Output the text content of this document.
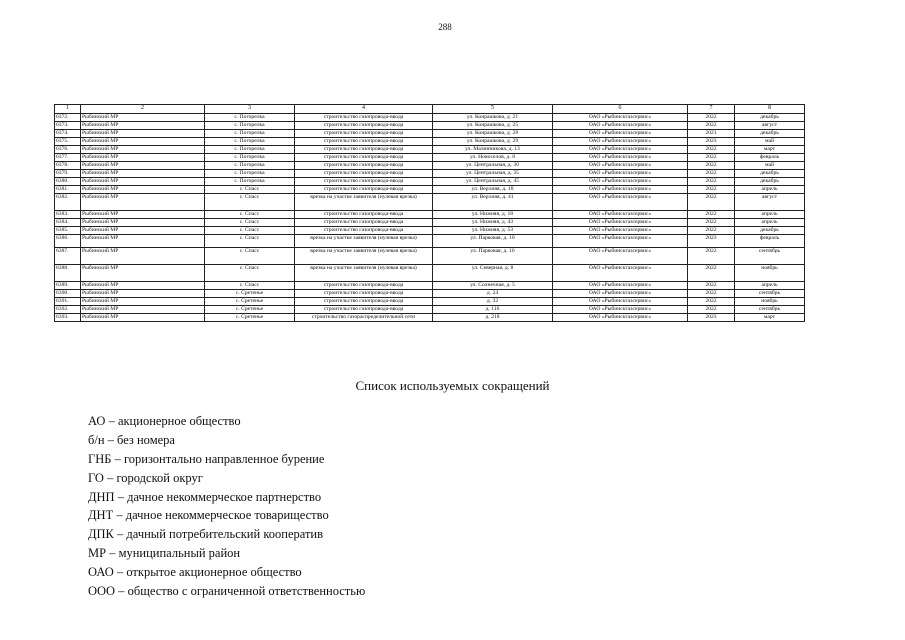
288
1	2	3	4	5	6	7	8
6372.	Рыбинский МР	с. Погорелка	строительство газопровода-ввода	ул. Конрашкова, д. 21	ОАО «Рыбинскгазсервис»	2022	декабрь
6373.	Рыбинский МР	с. Погорелка	строительство газопровода-ввода	ул. Конрашкова, д. 25	ОАО «Рыбинскгазсервис»	2022	август
6374.	Рыбинский МР	с. Погорелка	строительство газопровода-ввода	ул. Конрашкова, д. 28	ОАО «Рыбинскгазсервис»	2021	декабрь
6375.	Рыбинский МР	с. Погорелка	строительство газопровода-ввода	ул. Конрашкова, д. 29	ОАО «Рыбинскгазсервис»	2023	май
6376.	Рыбинский МР	с. Погорелка	строительство газопровода-ввода	ул. Малинникова, д. 13	ОАО «Рыбинскгазсервис»	2022	март
6377.	Рыбинский МР	с. Погорелка	строительство газопровода-ввода	ул. Новоселов, д. 8	ОАО «Рыбинскгазсервис»	2022	февраль
6378.	Рыбинский МР	с. Погорелка	строительство газопровода-ввода	ул. Центральная, д. 30	ОАО «Рыбинскгазсервис»	2022	май
6379.	Рыбинский МР	с. Погорелка	строительство газопровода-ввода	ул. Центральная, д. 35	ОАО «Рыбинскгазсервис»	2022	декабрь
6380.	Рыбинский МР	с. Погорелка	строительство газопровода-ввода	ул. Центральная, д. 45	ОАО «Рыбинскгазсервис»	2022	декабрь
6381.	Рыбинский МР	с. Спасс	строительство газопровода-ввода	ул. Верхняя, д. 18	ОАО «Рыбинскгазсервис»	2022	апрель
6382.	Рыбинский МР	с. Спасс	врезка на участке заявителя (нулевая врезка)	ул. Верхняя, д. 41	ОАО «Рыбинскгазсервис»	2022	август
6383.	Рыбинский МР	с. Спасс	строительство газопровода-ввода	ул. Нижняя, д. 18	ОАО «Рыбинскгазсервис»	2022	апрель
6384.	Рыбинский МР	с. Спасс	строительство газопровода-ввода	ул. Нижняя, д. 43	ОАО «Рыбинскгазсервис»	2022	апрель
6385.	Рыбинский МР	с. Спасс	строительство газопровода-ввода	ул. Нижняя, д. 53	ОАО «Рыбинскгазсервис»	2022	декабрь
6386.	Рыбинский МР	с. Спасс	врезка на участке заявителя (нулевая врезка)	ул. Парковая, д. 10	ОАО «Рыбинскгазсервис»	2023	февраль
6387.	Рыбинский МР	с. Спасс	врезка на участке заявителя (нулевая врезка)	ул. Парковая, д. 16	ОАО «Рыбинскгазсервис»	2022	сентябрь
6388.	Рыбинский МР	с. Спасс	врезка на участке заявителя (нулевая врезка)	ул. Северная, д. 8	ОАО «Рыбинскгазсервис»	2022	ноябрь
6389.	Рыбинский МР	с. Спасс	строительство газопровода-ввода	ул. Солнечная, д. 5	ОАО «Рыбинскгазсервис»	2022	апрель
6390.	Рыбинский МР	с. Сретенье	строительство газопровода-ввода	д. 24	ОАО «Рыбинскгазсервис»	2022	сентябрь
6391.	Рыбинский МР	с. Сретенье	строительство газопровода-ввода	д. 32	ОАО «Рыбинскгазсервис»	2022	ноябрь
6392.	Рыбинский МР	с. Сретенье	строительство газопровода-ввода	д. 116	ОАО «Рыбинскгазсервис»	2022	сентябрь
6393.	Рыбинский МР	с. Сретенье	строительство газораспределительной сети	д. 218	ОАО «Рыбинскгазсервис»	2023	март
Список используемых сокращений
АО – акционерное общество
б/н – без номера
ГНБ – горизонтально направленное бурение
ГО – городской округ
ДНП – дачное некоммерческое партнерство
ДНТ – дачное некоммерческое товарищество
ДПК – дачный потребительский кооператив
МР – муниципальный район
ОАО – открытое акционерное общество
ООО – общество с ограниченной ответственностью
